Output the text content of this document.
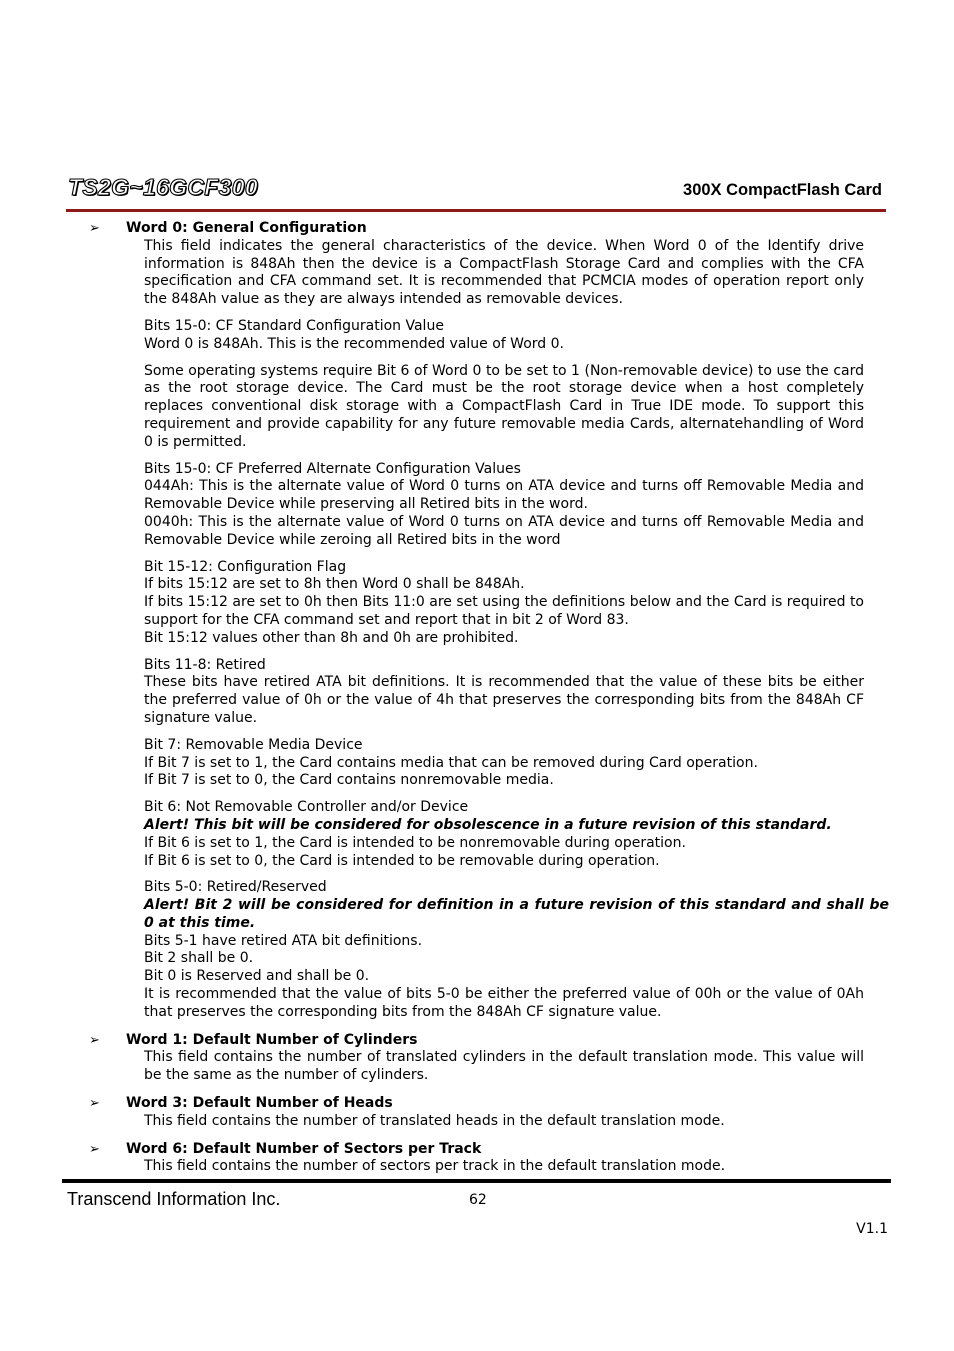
TS2G~16GCF300	300X CompactFlash Card
➢ Word 0: General Configuration
This field indicates the general characteristics of the device. When Word 0 of the Identify drive information is 848Ah then the device is a CompactFlash Storage Card and complies with the CFA specification and CFA command set. It is recommended that PCMCIA modes of operation report only the 848Ah value as they are always intended as removable devices.
Bits 15-0: CF Standard Configuration Value
Word 0 is 848Ah. This is the recommended value of Word 0.
Some operating systems require Bit 6 of Word 0 to be set to 1 (Non-removable device) to use the card as the root storage device. The Card must be the root storage device when a host completely replaces conventional disk storage with a CompactFlash Card in True IDE mode. To support this requirement and provide capability for any future removable media Cards, alternatehandling of Word 0 is permitted.
Bits 15-0: CF Preferred Alternate Configuration Values
044Ah: This is the alternate value of Word 0 turns on ATA device and turns off Removable Media and Removable Device while preserving all Retired bits in the word.
0040h: This is the alternate value of Word 0 turns on ATA device and turns off Removable Media and Removable Device while zeroing all Retired bits in the word
Bit 15-12: Configuration Flag
If bits 15:12 are set to 8h then Word 0 shall be 848Ah.
If bits 15:12 are set to 0h then Bits 11:0 are set using the definitions below and the Card is required to support for the CFA command set and report that in bit 2 of Word 83.
Bit 15:12 values other than 8h and 0h are prohibited.
Bits 11-8: Retired
These bits have retired ATA bit definitions. It is recommended that the value of these bits be either the preferred value of 0h or the value of 4h that preserves the corresponding bits from the 848Ah CF signature value.
Bit 7: Removable Media Device
If Bit 7 is set to 1, the Card contains media that can be removed during Card operation.
If Bit 7 is set to 0, the Card contains nonremovable media.
Bit 6: Not Removable Controller and/or Device
Alert! This bit will be considered for obsolescence in a future revision of this standard.
If Bit 6 is set to 1, the Card is intended to be nonremovable during operation.
If Bit 6 is set to 0, the Card is intended to be removable during operation.
Bits 5-0: Retired/Reserved
Alert! Bit 2 will be considered for definition in a future revision of this standard and shall be 0 at this time.
Bits 5-1 have retired ATA bit definitions.
Bit 2 shall be 0.
Bit 0 is Reserved and shall be 0.
It is recommended that the value of bits 5-0 be either the preferred value of 00h or the value of 0Ah that preserves the corresponding bits from the 848Ah CF signature value.
➢ Word 1: Default Number of Cylinders
This field contains the number of translated cylinders in the default translation mode. This value will be the same as the number of cylinders.
➢ Word 3: Default Number of Heads
This field contains the number of translated heads in the default translation mode.
➢ Word 6: Default Number of Sectors per Track
This field contains the number of sectors per track in the default translation mode.
Transcend Information Inc.	62
V1.1
